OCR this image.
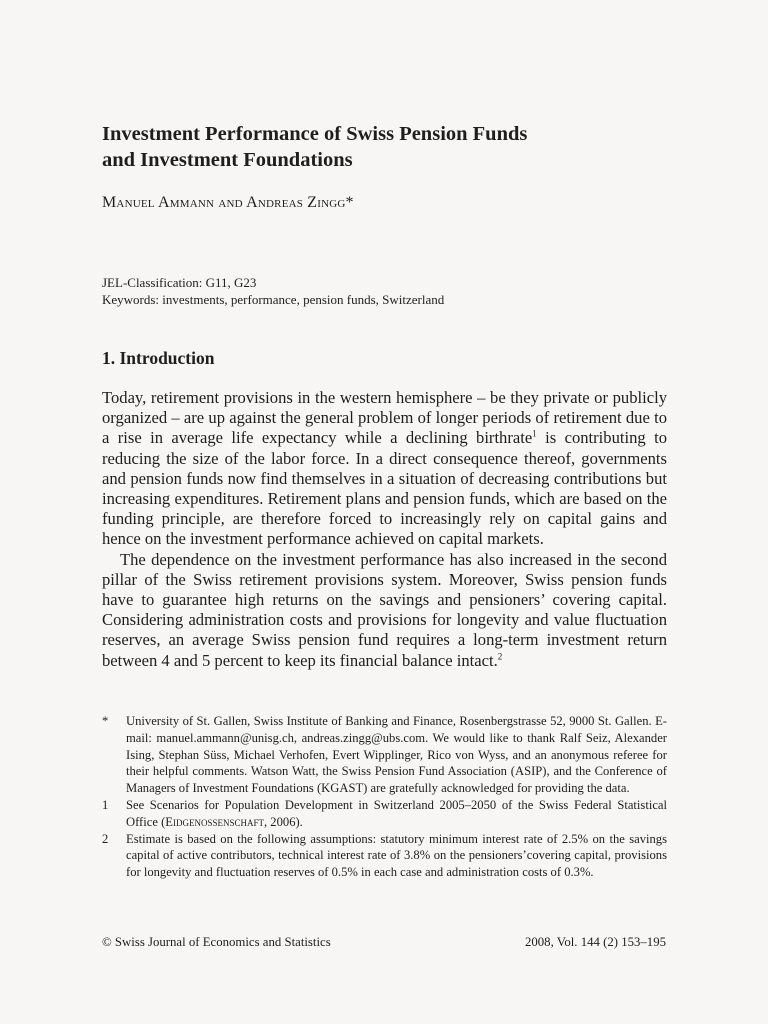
Investment Performance of Swiss Pension Funds
and Investment Foundations
Manuel Ammann and Andreas Zingg*
JEL-Classification: G11, G23
Keywords: investments, performance, pension funds, Switzerland
1. Introduction

Today, retirement provisions in the western hemisphere – be they private or publicly organized – are up against the general problem of longer periods of retirement due to a rise in average life expectancy while a declining birthrate$^1$ is contributing to reducing the size of the labor force. In a direct consequence thereof, governments and pension funds now find themselves in a situation of decreasing contributions but increasing expenditures. Retirement plans and pension funds, which are based on the funding principle, are therefore forced to increasingly rely on capital gains and hence on the investment performance achieved on capital markets.

The dependence on the investment performance has also increased in the second pillar of the Swiss retirement provisions system. Moreover, Swiss pension funds have to guarantee high returns on the savings and pensioners’ covering capital. Considering administration costs and provisions for longevity and value fluctuation reserves, an average Swiss pension fund requires a long-term investment return between 4 and 5 percent to keep its financial balance intact.$^2$

*	University of St. Gallen, Swiss Institute of Banking and Finance, Rosenbergstrasse 52, 9000 St. Gallen. E-mail: manuel.ammann@unisg.ch, andreas.zingg@ubs.com. We would like to thank Ralf Seiz, Alexander Ising, Stephan Süss, Michael Verhofen, Evert Wipplinger, Rico von Wyss, and an anonymous referee for their helpful comments. Watson Watt, the Swiss Pension Fund Association (ASIP), and the Conference of Managers of Investment Foundations (KGAST) are gratefully acknowledged for providing the data.
1	See Scenarios for Population Development in Switzerland 2005–2050 of the Swiss Federal Statistical Office (Eidgenossenschaft, 2006).
2	Estimate is based on the following assumptions: statutory minimum interest rate of 2.5% on the savings capital of active contributors, technical interest rate of 3.8% on the pensioners’covering capital, provisions for longevity and fluctuation reserves of 0.5% in each case and administration costs of 0.3%.
© Swiss Journal of Economics and Statistics	2008, Vol. 144 (2) 153–195
